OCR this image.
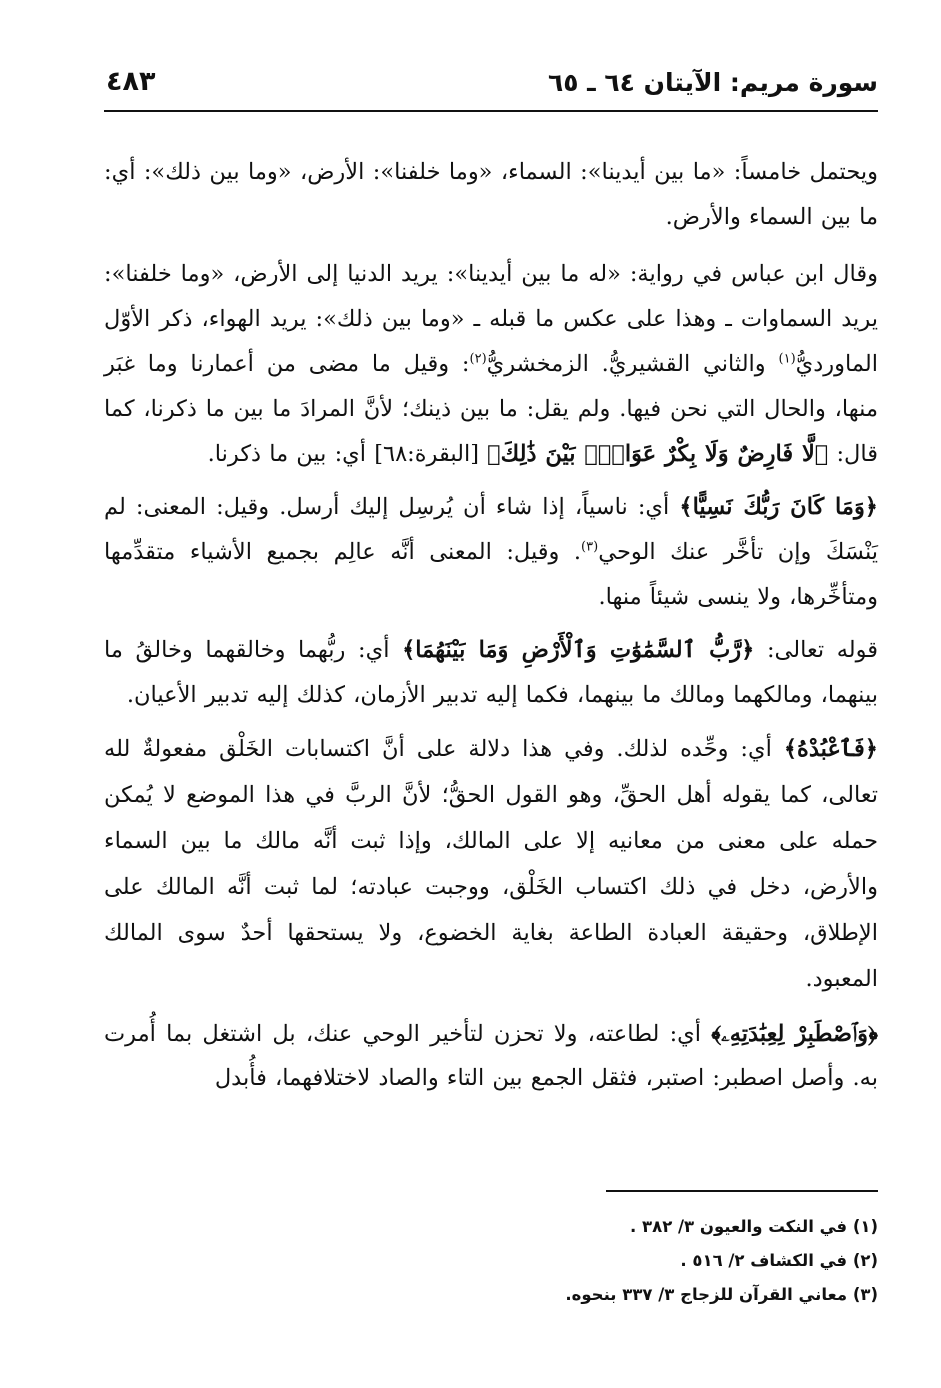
سورة مريم: الآيتان ٦٤ ـ ٦٥
٤٨٣

ويحتمل خامساً: «ما بين أيدينا»: السماء، «وما خلفنا»: الأرض، «وما بين ذلك»: أي: ما بين السماء والأرض.

وقال ابن عباس في رواية: «له ما بين أيدينا»: يريد الدنيا إلى الأرض، «وما خلفنا»: يريد السماوات ـ وهذا على عكس ما قبله ـ «وما بين ذلك»: يريد الهواء، ذكر الأوّل الماورديُّ$^{(١)}$ والثاني القشيريُّ. الزمخشريُّ$^{(٢)}$: وقيل ما مضى من أعمارنا وما غبَر منها، والحال التي نحن فيها. ولم يقل: ما بين ذينك؛ لأنَّ المرادَ ما بين ما ذكرنا، كما قال: ﴿لَّا فَارِضٌ وَلَا بِكْرٌ عَوَانٌۢ بَيْنَ ذَٰلِكَ﴾ [البقرة:٦٨] أي: بين ما ذكرنا.

﴿وَمَا كَانَ رَبُّكَ نَسِيًّا﴾ أي: ناسياً، إذا شاء أن يُرسِل إليك أرسل. وقيل: المعنى: لم يَنْسَكَ وإن تأخَّر عنك الوحي$^{(٣)}$. وقيل: المعنى أنَّه عالِم بجميع الأشياء متقدِّمها ومتأخِّرها، ولا ينسى شيئاً منها.

قوله تعالى: ﴿رَّبُّ ٱلسَّمَٰوَٰتِ وَٱلْأَرْضِ وَمَا بَيْنَهُمَا﴾ أي: ربُّهما وخالقهما وخالقُ ما بينهما، ومالكهما ومالك ما بينهما، فكما إليه تدبير الأزمان، كذلك إليه تدبير الأعيان.

﴿فَٱعْبُدْهُ﴾ أي: وحِّده لذلك. وفي هذا دلالة على أنَّ اكتسابات الخَلْق مفعولةٌ لله تعالى، كما يقوله أهل الحقِّ، وهو القول الحقُّ؛ لأنَّ الربَّ في هذا الموضع لا يُمكن حمله على معنى من معانيه إلا على المالك، وإذا ثبت أنَّه مالك ما بين السماء والأرض، دخل في ذلك اكتساب الخَلْق، ووجبت عبادته؛ لما ثبت أنَّه المالك على الإطلاق، وحقيقة العبادة الطاعة بغاية الخضوع، ولا يستحقها أحدٌ سوى المالك المعبود.

﴿وَٱصْطَبِرْ لِعِبَٰدَتِهِۦ﴾ أي: لطاعته، ولا تحزن لتأخير الوحي عنك، بل اشتغل بما أُمرت به. وأصل اصطبر: اصتبر، فثقل الجمع بين التاء والصاد لاختلافهما، فأُبدل

(١) في النكت والعيون ٣/ ٣٨٢ .

(٢) في الكشاف ٢/ ٥١٦ .

(٣) معاني القرآن للزجاج ٣/ ٣٣٧ بنحوه.
